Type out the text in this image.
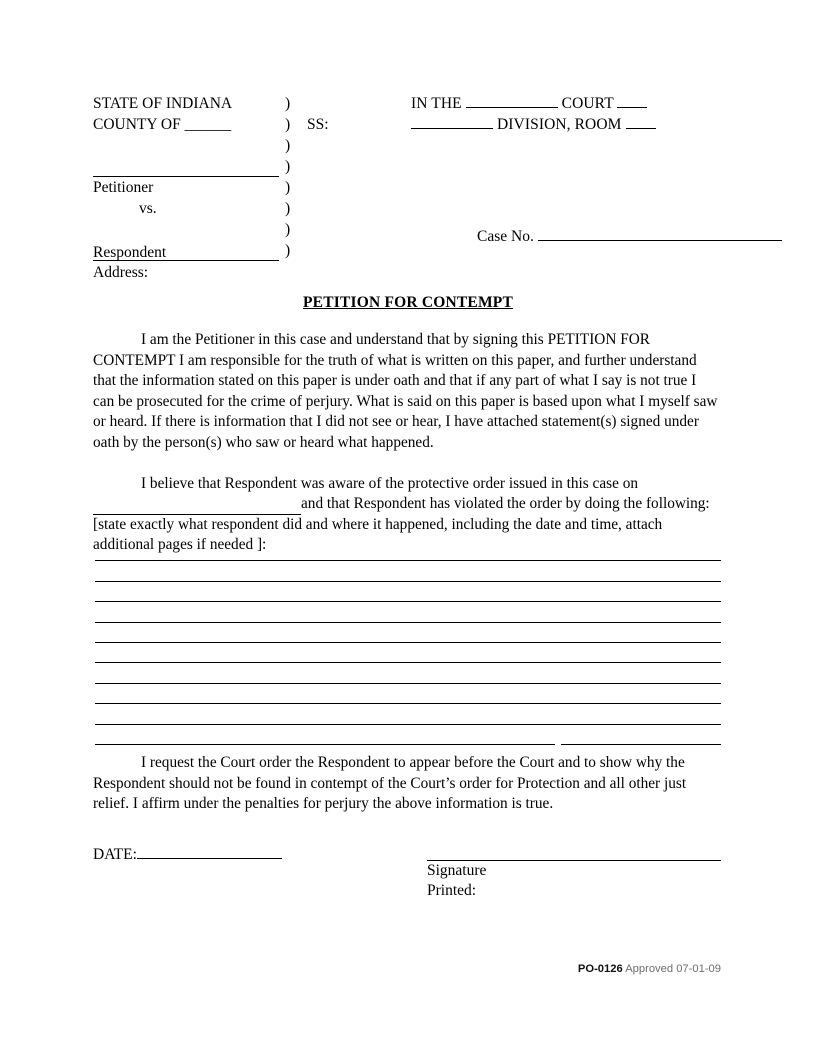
STATE OF INDIANA
COUNTY OF ______

Petitioner
vs.

)
)
)
)
)
)
)
)

SS:
IN THE	COURT
DIVISION, ROOM
Case No.
Respondent
Address:
PETITION FOR CONTEMPT

I am the Petitioner in this case and understand that by signing this PETITION FOR CONTEMPT I am responsible for the truth of what is written on this paper, and further understand that the information stated on this paper is under oath and that if any part of what I say is not true I can be prosecuted for the crime of perjury. What is said on this paper is based upon what I myself saw or heard. If there is information that I did not see or hear, I have attached statement(s) signed under oath by the person(s) who saw or heard what happened.

I believe that Respondent was aware of the protective order issued in this case on
and that Respondent has violated the order by doing the following: [state exactly what respondent did and where it happened, including the date and time, attach additional pages if needed ]:

I request the Court order the Respondent to appear before the Court and to show why the Respondent should not be found in contempt of the Court’s order for Protection and all other just relief. I affirm under the penalties for perjury the above information is true.

DATE:
Signature
Printed:
PO-0126 Approved 07-01-09
